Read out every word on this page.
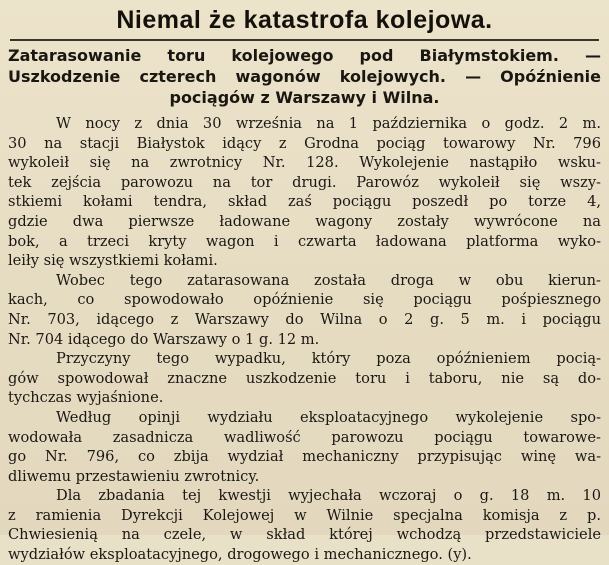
Niemal że katastrofa kolejowa.
Zatarasowanie toru kolejowego pod Białymstokiem. —
Uszkodzenie czterech wagonów kolejowych. — Opóźnienie
pociągów z Warszawy i Wilna.
W nocy z dnia 30 września na 1 października o godz. 2 m.
30 na stacji Białystok idący z Grodna pociąg towarowy Nr. 796
wykoleił się na zwrotnicy Nr. 128. Wykolejenie nastąpiło wsku-
tek zejścia parowozu na tor drugi. Parowóz wykoleił się wszy-
stkiemi kołami tendra, skład zaś pociągu poszedł po torze 4,
gdzie dwa pierwsze ładowane wagony zostały wywrócone na
bok, a trzeci kryty wagon i czwarta ładowana platforma wyko-
leiły się wszystkiemi kołami.
Wobec tego zatarasowana została droga w obu kierun-
kach, co spowodowało opóźnienie się pociągu pośpiesznego
Nr. 703, idącego z Warszawy do Wilna o 2 g. 5 m. i pociągu
Nr. 704 idącego do Warszawy o 1 g. 12 m.
Przyczyny tego wypadku, który poza opóźnieniem pocią-
gów spowodował znaczne uszkodzenie toru i taboru, nie są do-
tychczas wyjaśnione.
Według opinji wydziału eksploatacyjnego wykolejenie spo-
wodowała zasadnicza wadliwość parowozu pociągu towarowe-
go Nr. 796, co zbija wydział mechaniczny przypisując winę wa-
dliwemu przestawieniu zwrotnicy.
Dla zbadania tej kwestji wyjechała wczoraj o g. 18 m. 10
z ramienia Dyrekcji Kolejowej w Wilnie specjalna komisja z p.
Chwiesienią na czele, w skład której wchodzą przedstawiciele
wydziałów eksploatacyjnego, drogowego i mechanicznego. (y).
